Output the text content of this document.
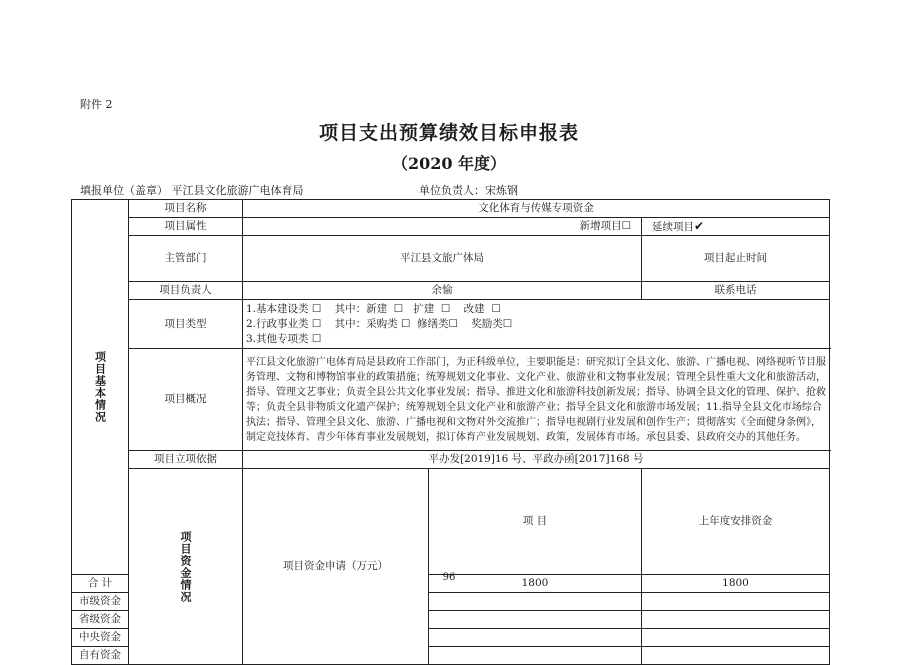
附件 2
项目支出预算绩效目标申报表
（2020 年度）
填报单位（盖章） 平江县文化旅游广电体育局	单位负责人：宋炼钢
项目基本情况	项目名称	文化体育与传媒专项资金			
	项目属性	新增项目☐		延续项目✔	
	主管部门	平江县文旅广体局		项目起止时间	
	项目负责人	余愉		联系电话	
	项目类型	1.基本建设类 ☐    其中：新建  ☐   扩建  ☐    改建  ☐
2.行政事业类 ☐    其中：采购类 ☐  修缮类☐    奖励类☐
3.其他专项类 ☐			

	项目概况	平江县文化旅游广电体育局是县政府工作部门，为正科级单位，主要职能是：研究拟订全县文化、旅游、广播电视、网络视听节目服务管理、文物和博物馆事业的政策措施；统筹规划文化事业、文化产业、旅游业和文物事业发展；管理全县性重大文化和旅游活动，指导、管理文艺事业；负责全县公共文化事业发展；指导、推进文化和旅游科技创新发展；指导、协调全县文化的管理、保护、抢救等；负责全县非物质文化遗产保护；统筹规划全县文化产业和旅游产业；指导全县文化和旅游市场发展；11.指导全县文化市场综合执法；指导、管理全县文化、旅游、广播电视和文物对外交流推广；指导电视剧行业发展和创作生产；贯彻落实《全面健身条例》，制定竞技体育、青少年体育事业发展规划，拟订体育产业发展规划、政策，发展体育市场。承包县委、县政府交办的其他任务。			
	项目立项依据	平办发[2019]16 号、平政办函[2017]168 号			
	项目资金情况	项目资金申请（万元）	项 目	上年度安排资金	
合 计			1800	1800	
市级资金					
省级资金					
中央资金					
自有资金					
96
